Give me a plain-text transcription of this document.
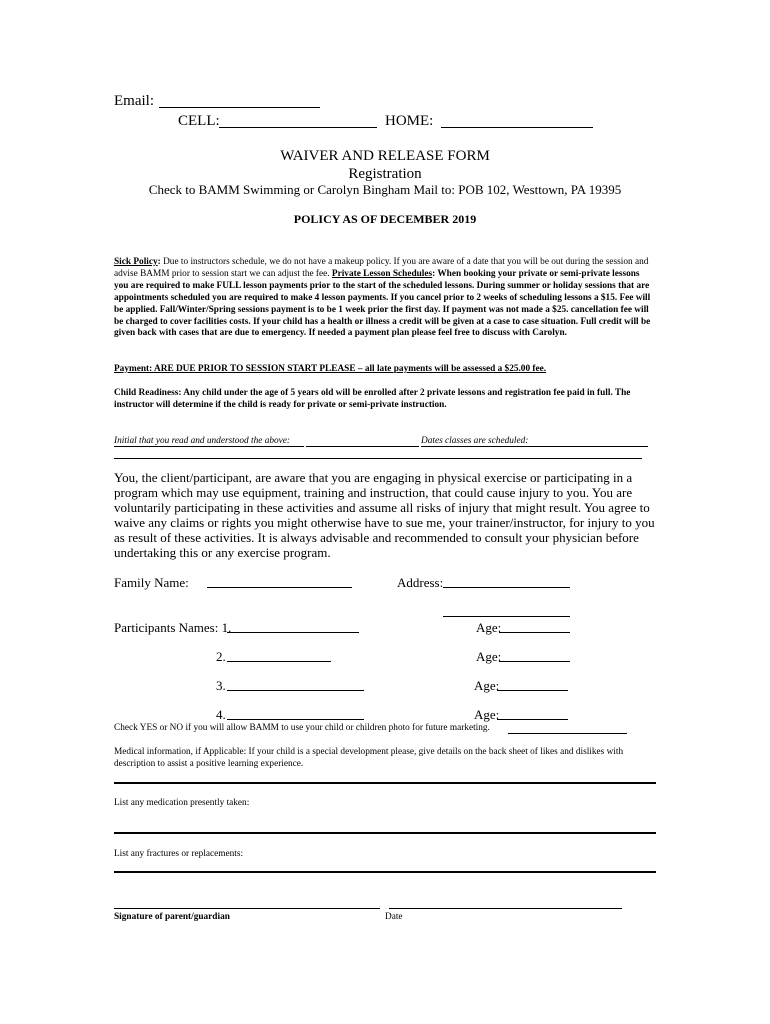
Email:
CELL:	HOME:
WAIVER AND RELEASE FORM
Registration
Check to BAMM Swimming or Carolyn Bingham Mail to: POB 102, Westtown, PA 19395
POLICY AS OF DECEMBER 2019
Sick Policy: Due to instructors schedule, we do not have a makeup policy. If you are aware of a date that you will be out during the session and advise BAMM prior to session start we can adjust the fee. Private Lesson Schedules: When booking your private or semi-private lessons you are required to make FULL lesson payments prior to the start of the scheduled lessons. During summer or holiday sessions that are appointments scheduled you are required to make 4 lesson payments. If you cancel prior to 2 weeks of scheduling lessons a $15. Fee will be applied. Fall/Winter/Spring sessions payment is to be 1 week prior the first day. If payment was not made a $25. cancellation fee will be charged to cover facilities costs. If your child has a health or illness a credit will be given at a case to case situation. Full credit will be given back with cases that are due to emergency. If needed a payment plan please feel free to discuss with Carolyn.
Payment: ARE DUE PRIOR TO SESSION START PLEASE – all late payments will be assessed a $25.00 fee.
Child Readiness: Any child under the age of 5 years old will be enrolled after 2 private lessons and registration fee paid in full. The instructor will determine if the child is ready for private or semi-private instruction.
Initial that you read and understood the above:	Dates classes are scheduled:
You, the client/participant, are aware that you are engaging in physical exercise or participating in a program which may use equipment, training and instruction, that could cause injury to you. You are voluntarily participating in these activities and assume all risks of injury that might result. You agree to waive any claims or rights you might otherwise have to sue me, your trainer/instructor, for injury to you as result of these activities. It is always advisable and recommended to consult your physician before undertaking this or any exercise program.
Family Name:	Address:
Participants Names: 1.	Age:
2.	Age:
3.	Age:
4.	Age:
Check YES or NO if you will allow BAMM to use your child or children photo for future marketing.
Medical information, if Applicable: If your child is a special development please, give details on the back sheet of likes and dislikes with description to assist a positive learning experience.
List any medication presently taken:
List any fractures or replacements:
Signature of parent/guardian	Date
